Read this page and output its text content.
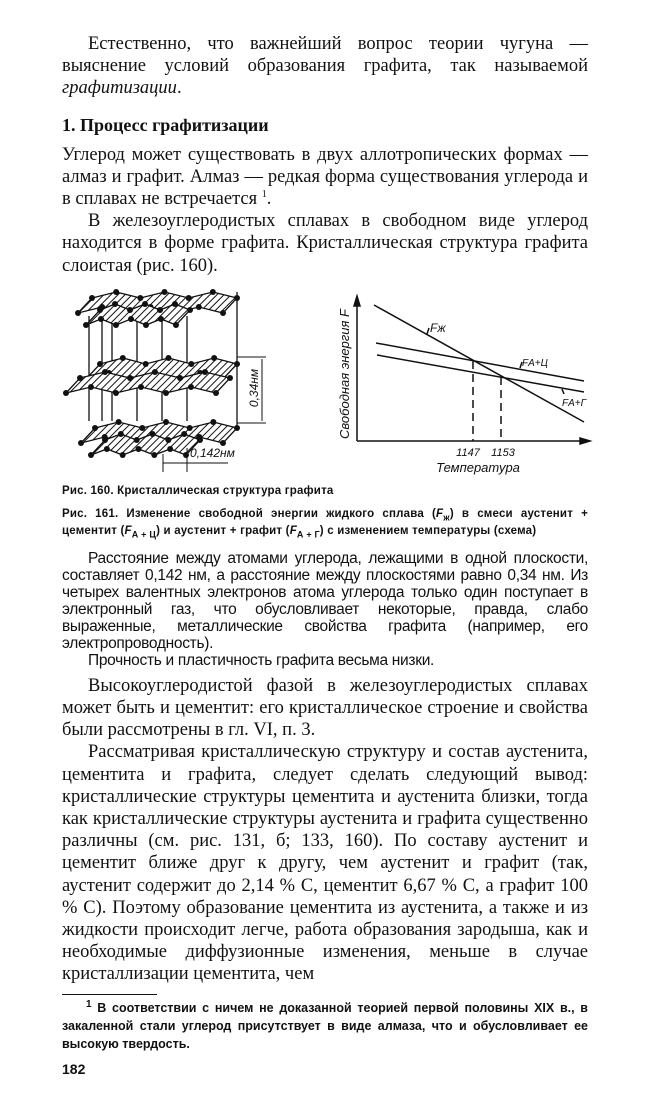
Естественно, что важнейший вопрос теории чугуна — выяснение условий образования графита, так называемой графитизации.

1. Процесс графитизации

Углерод может существовать в двух аллотропических формах — алмаз и графит. Алмаз — редкая форма существования углерода и в сплавах не встречается $^1$.

В железоуглеродистых сплавах в свободном виде углерод находится в форме графита. Кристаллическая структура графита слоистая (рис. 160).

0,34нм
0,142нм
Fж
FА+Ц
FА+Г
1147 1153
Температура
Свободная энергия F

Рис. 160. Кристаллическая структура графита

Рис. 161. Изменение свободной энергии жидкого сплава $(F_ж)$ в смеси аустенит + цементит $(F_{А + Ц})$ и аустенит + графит $(F_{А + Г})$ с изменением температуры (схема)

Расстояние между атомами углерода, лежащими в одной плоскости, составляет 0,142 нм, а расстояние между плоскостями равно 0,34 нм. Из четырех валентных электронов атома углерода только один поступает в электронный газ, что обусловливает некоторые, правда, слабо выраженные, металлические свойства графита (например, его электропроводность).

Прочность и пластичность графита весьма низки.

Высокоуглеродистой фазой в железоуглеродистых сплавах может быть и цементит: его кристаллическое строение и свойства были рассмотрены в гл. VI, п. 3.

Рассматривая кристаллическую структуру и состав аустенита, цементита и графита, следует сделать следующий вывод: кристаллические структуры цементита и аустенита близки, тогда как кристаллические структуры аустенита и графита существенно различны (см. рис. 131, б; 133, 160). По составу аустенит и цементит ближе друг к другу, чем аустенит и графит (так, аустенит содержит до 2,14 % С, цементит 6,67 % С, а графит 100 % С). Поэтому образование цементита из аустенита, а также и из жидкости происходит легче, работа образования зародыша, как и необходимые диффузионные изменения, меньше в случае кристаллизации цементита, чем

$^1$ В соответствии с ничем не доказанной теорией первой половины XIX в., в закаленной стали углерод присутствует в виде алмаза, что и обусловливает ее высокую твердость.

182
